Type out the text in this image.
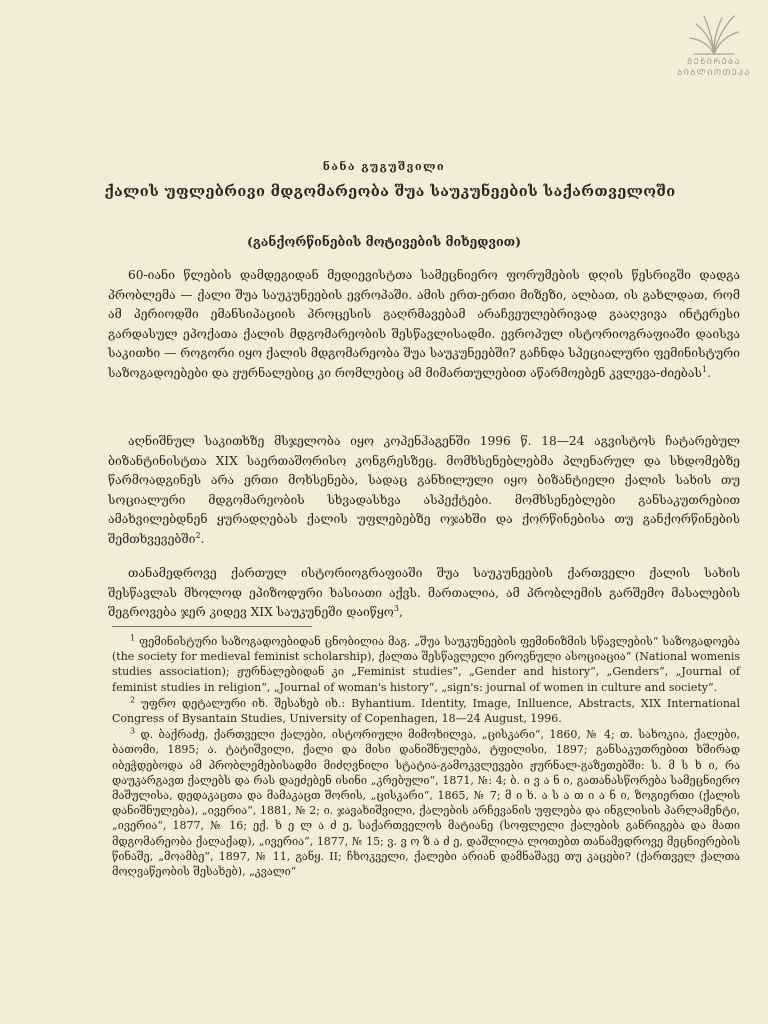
ᲛᲔᲜᲘᲠᲔᲑᲐ
ᲑᲘᲑᲚᲘᲝᲗᲔᲙᲐ
ნანა გუგუშვილი
ქალის უფლებრივი მდგომარეობა შუა საუკუნეების საქართველოში
(განქორწინების მოტივების მიხედვით)

60-იანი წლების დამდეგიდან მედიევისტთა სამეცნიერო ფორუმების დღის წესრიგში დადგა პრობლემა — ქალი შუა საუკუნეების ევროპაში. ამის ერთ-ერთი მიზეზი, ალბათ, ის გახლდათ, რომ ამ პერიოდში ემანსიპაციის პროცესის გაღრმავებამ არაჩვეულებრივად გააღვივა ინტერესი გარდასულ ეპოქათა ქალის მდგომარეობის შესწავლისადმი. ევროპულ ისტორიოგრაფიაში დაისვა საკითხი — როგორი იყო ქალის მდგომარეობა შუა საუკუნეებში? გაჩნდა სპეციალური ფემინისტური საზოგადოებები და ჟურნალებიც კი რომლებიც ამ მიმართულებით აწარმოებენ კვლევა-ძიებას$^1$.

აღნიშნულ საკითხზე მსჯელობა იყო კოპენჰაგენში 1996 წ. 18—24 აგვისტოს ჩატარებულ ბიზანტინისტთა XIX საერთაშორისო კონგრესზეც. მომხსენებლებმა პლენარულ და სხდომებზე წარმოადგინეს არა ერთი მოხსენება, სადაც განხილული იყო ბიზანტიელი ქალის სახის თუ სოციალური მდგომარეობის სხვადასხვა ასპექტები. მომხსენებლები განსაკუთრებით ამახვილებდნენ ყურადღებას ქალის უფლებებზე ოჯახში და ქორწინებისა თუ განქორწინების შემთხვევებში$^2$.

თანამედროვე ქართულ ისტორიოგრაფიაში შუა საუკუნეების ქართველი ქალის სახის შესწავლას მხოლოდ ეპიზოდური ხასიათი აქვს. მართალია, ამ პრობლემის გარშემო მასალების შეგროვება ჯერ კიდევ XIX საუკუნეში დაიწყო$^3$,

$^1$ ფემინისტური საზოგადოებიდან ცნობილია მაგ. „შუა საუკუნეების ფემინიზმის სწავლების“ საზოგადოება (the society for medieval feminist scholarship), ქალთა შესწავლელი ეროვნული ასოციაცია“ (National womenis studies association); ჟურნალებიდან კი „Feminist studies“, „Gender and history“, „Genders“, „Journal of feminist studies in religion“, „Journal of woman's history“, „sign's: journal of women in culture and society“.

$^2$ უფრო დეტალური იხ. შესახებ იხ.: Byhantium. Identity, Image, Inlluence, Abstracts, XIX International Congress of Bysantain Studies, University of Copenhagen, 18—24 August, 1996.

$^3$ დ. ბაქრაძე, ქართველი ქალები, ისტორიული მიმოხილვა, „ცისკარი“, 1860, № 4; თ. სახოკია, ქალები, ბათომი, 1895; ა. ტატიშვილი, ქალი და მისი დანიშნულება, ტფილისი, 1897; განსაკუთრებით ხშირად იბეჭდებოდა ამ პრობლემებისადმი მიძღვნილი სტატია-გამოკვლევები ჟურნალ-გაზეთებში: ს. მ ს ხ ი, რა დაუკარგავთ ქალებს და რას დაეძებენ ისინი „კრებული“, 1871, №: 4; ბ. ი ვ ა ნ ი, გათანასწორება სამეცნიერო მაშულისა, დედაკაცთა და მამაკაცთ შორის, „ცისკარი“, 1865, № 7; მ ი ხ. ა ს ა თ ი ა ნ ი, ზოგიერთი (ქალის დანიშნულება), „ივერია“, 1881, № 2; ი. ჯავახიშვილი, ქალების არჩევანის უფლება და ინგლისის პარლამენტი, „ივერია“, 1877, № 16; ექ. ხ ე ლ ა ძ ე, საქართველოს მატიანე (სოფლელი ქალების განრიგება და მათი მდგომარეობა ქალაქად), „ივერია“, 1877, № 15; ვ. ვ ო ზ ა ძ ე, დაშლილა ლოთებთ თანამედროვე მეცნიერების წინაშე, „მოამბე“, 1897, № 11, განყ. II; ჩხოკველი, ქალები არიან დამნაშავე თუ კაცები? (ქართველ ქალთა მოღვაწეობის შესახებ), „კვალი“
